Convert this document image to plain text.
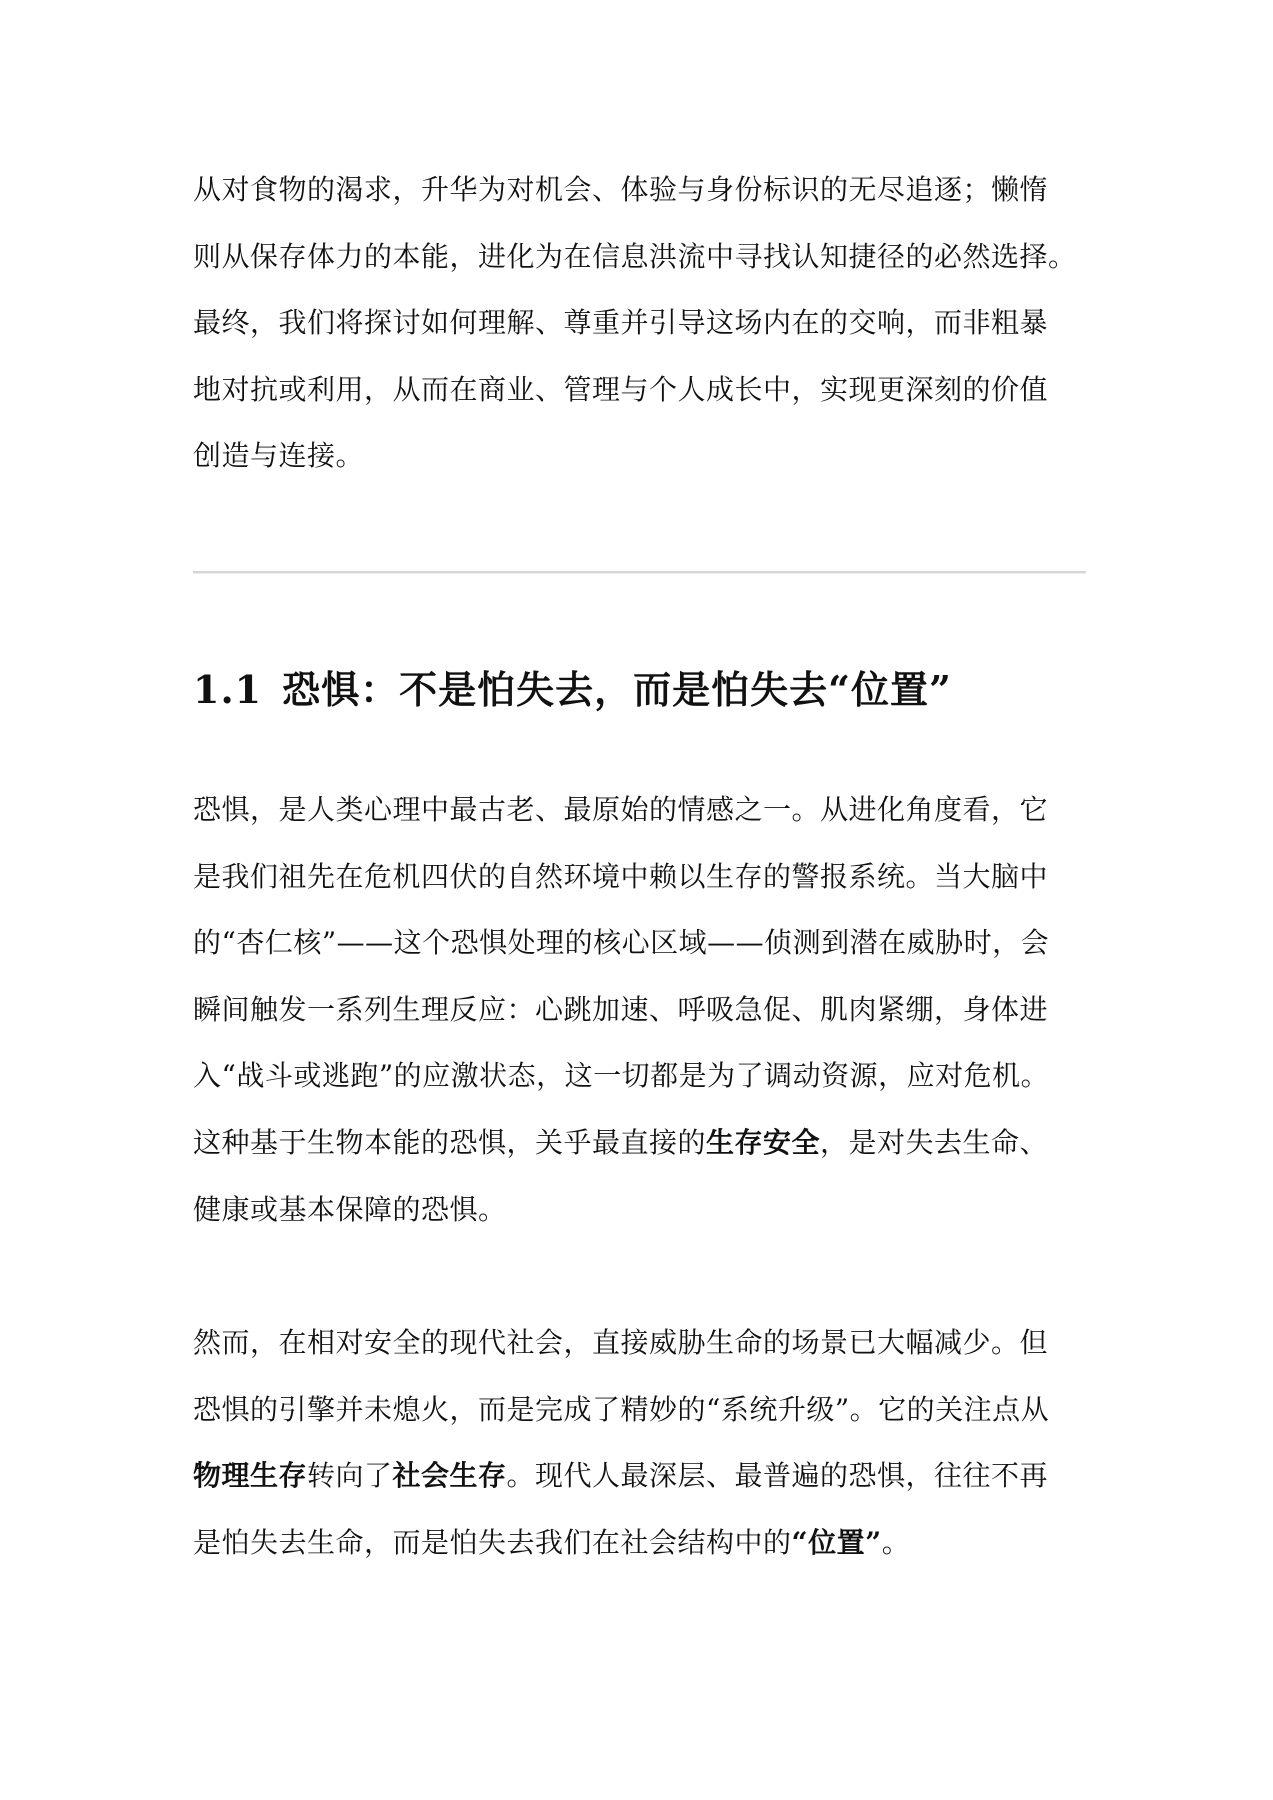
从对食物的渴求，升华为对机会、体验与身份标识的无尽追逐；懒惰

则从保存体力的本能，进化为在信息洪流中寻找认知捷径的必然选择。

最终，我们将探讨如何理解、尊重并引导这场内在的交响，而非粗暴

地对抗或利用，从而在商业、管理与个人成长中，实现更深刻的价值

创造与连接。

1.1 恐惧：不是怕失去，而是怕失去“位置”

恐惧，是人类心理中最古老、最原始的情感之一。从进化角度看，它

是我们祖先在危机四伏的自然环境中赖以生存的警报系统。当大脑中

的“杏仁核”——这个恐惧处理的核心区域——侦测到潜在威胁时，会

瞬间触发一系列生理反应：心跳加速、呼吸急促、肌肉紧绷，身体进

入“战斗或逃跑”的应激状态，这一切都是为了调动资源，应对危机。

这种基于生物本能的恐惧，关乎最直接的生存安全，是对失去生命、

健康或基本保障的恐惧。

然而，在相对安全的现代社会，直接威胁生命的场景已大幅减少。但

恐惧的引擎并未熄火，而是完成了精妙的“系统升级”。它的关注点从

物理生存转向了社会生存。现代人最深层、最普遍的恐惧，往往不再

是怕失去生命，而是怕失去我们在社会结构中的“位置”。
